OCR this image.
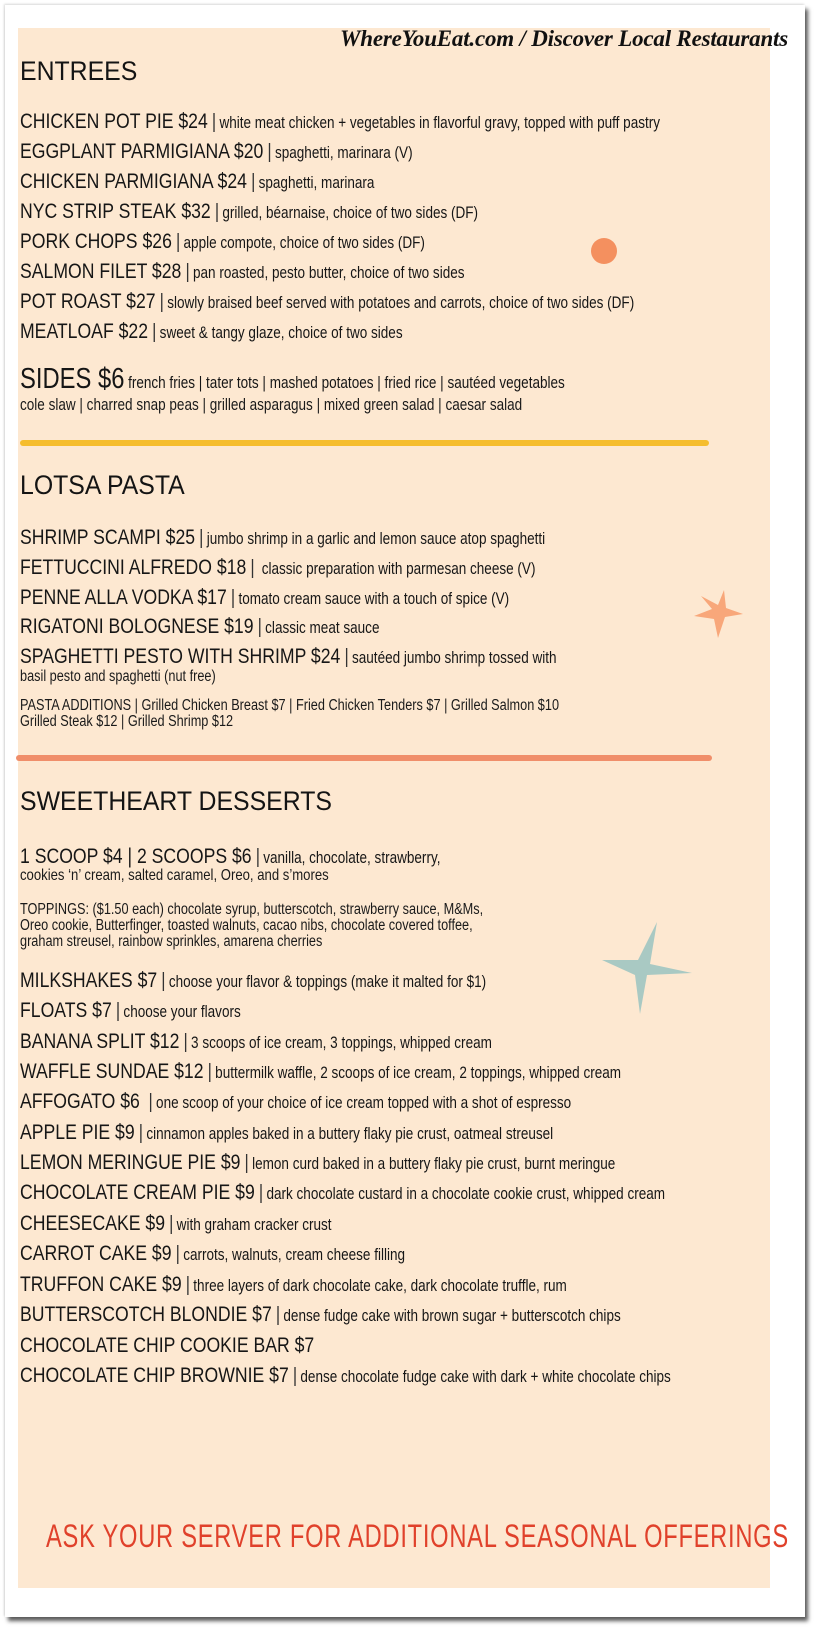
WhereYouEat.com / Discover Local Restaurants
ENTREES
CHICKEN POT PIE $24 | white meat chicken + vegetables in flavorful gravy, topped with puff pastry
EGGPLANT PARMIGIANA $20 | spaghetti, marinara (V)
CHICKEN PARMIGIANA $24 | spaghetti, marinara
NYC STRIP STEAK $32 | grilled, béarnaise, choice of two sides (DF)
PORK CHOPS $26 | apple compote, choice of two sides (DF)
SALMON FILET $28 | pan roasted, pesto butter, choice of two sides
POT ROAST $27 | slowly braised beef served with potatoes and carrots, choice of two sides (DF)
MEATLOAF $22 | sweet & tangy glaze, choice of two sides
SIDES $6 french fries | tater tots | mashed potatoes | fried rice | sautéed vegetables
cole slaw | charred snap peas | grilled asparagus | mixed green salad | caesar salad
LOTSA PASTA
SHRIMP SCAMPI $25 | jumbo shrimp in a garlic and lemon sauce atop spaghetti
FETTUCCINI ALFREDO $18 | classic preparation with parmesan cheese (V)
PENNE ALLA VODKA $17 | tomato cream sauce with a touch of spice (V)
RIGATONI BOLOGNESE $19 | classic meat sauce
SPAGHETTI PESTO WITH SHRIMP $24 | sautéed jumbo shrimp tossed with
basil pesto and spaghetti (nut free)
PASTA ADDITIONS | Grilled Chicken Breast $7 | Fried Chicken Tenders $7 | Grilled Salmon $10
Grilled Steak $12 | Grilled Shrimp $12
SWEETHEART DESSERTS
1 SCOOP $4 | 2 SCOOPS $6 | vanilla, chocolate, strawberry,
cookies ‘n’ cream, salted caramel, Oreo, and s’mores
TOPPINGS: ($1.50 each) chocolate syrup, butterscotch, strawberry sauce, M&Ms,
Oreo cookie, Butterfinger, toasted walnuts, cacao nibs, chocolate covered toffee,
graham streusel, rainbow sprinkles, amarena cherries
MILKSHAKES $7 | choose your flavor & toppings (make it malted for $1)
FLOATS $7 | choose your flavors
BANANA SPLIT $12 | 3 scoops of ice cream, 3 toppings, whipped cream
WAFFLE SUNDAE $12 | buttermilk waffle, 2 scoops of ice cream, 2 toppings, whipped cream
AFFOGATO $6 | one scoop of your choice of ice cream topped with a shot of espresso
APPLE PIE $9 | cinnamon apples baked in a buttery flaky pie crust, oatmeal streusel
LEMON MERINGUE PIE $9 | lemon curd baked in a buttery flaky pie crust, burnt meringue
CHOCOLATE CREAM PIE $9 | dark chocolate custard in a chocolate cookie crust, whipped cream
CHEESECAKE $9 | with graham cracker crust
CARROT CAKE $9 | carrots, walnuts, cream cheese filling
TRUFFON CAKE $9 | three layers of dark chocolate cake, dark chocolate truffle, rum
BUTTERSCOTCH BLONDIE $7 | dense fudge cake with brown sugar + butterscotch chips
CHOCOLATE CHIP COOKIE BAR $7
CHOCOLATE CHIP BROWNIE $7 | dense chocolate fudge cake with dark + white chocolate chips
ASK YOUR SERVER FOR ADDITIONAL SEASONAL OFFERINGS
